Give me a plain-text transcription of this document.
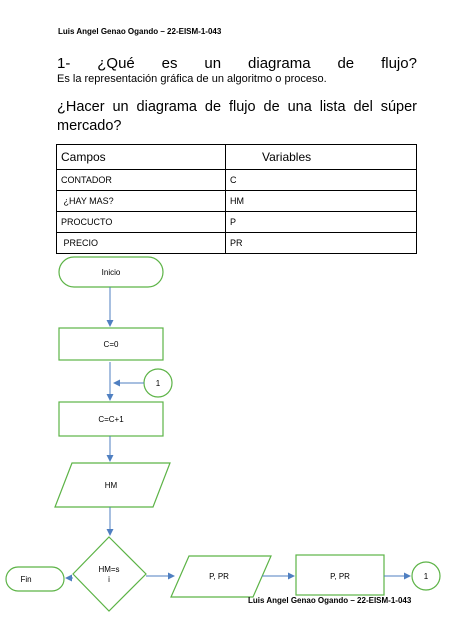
Luis Angel Genao Ogando – 22-EISM-1-043
1- ¿Qué es un diagrama de flujo?
Es la representación gráfica de un algoritmo o proceso.
¿Hacer un diagrama de flujo de una lista del súper mercado?
Campos	Variables
CONTADOR	C
¿HAY MAS?	HM
PROCUCTO	P
PRECIO	PR
Inicio
C=0
1
C=C+1
HM
HM=s
i
Fin	P, PR	P, PR	1
Luis Angel Genao Ogando – 22-EISM-1-043
